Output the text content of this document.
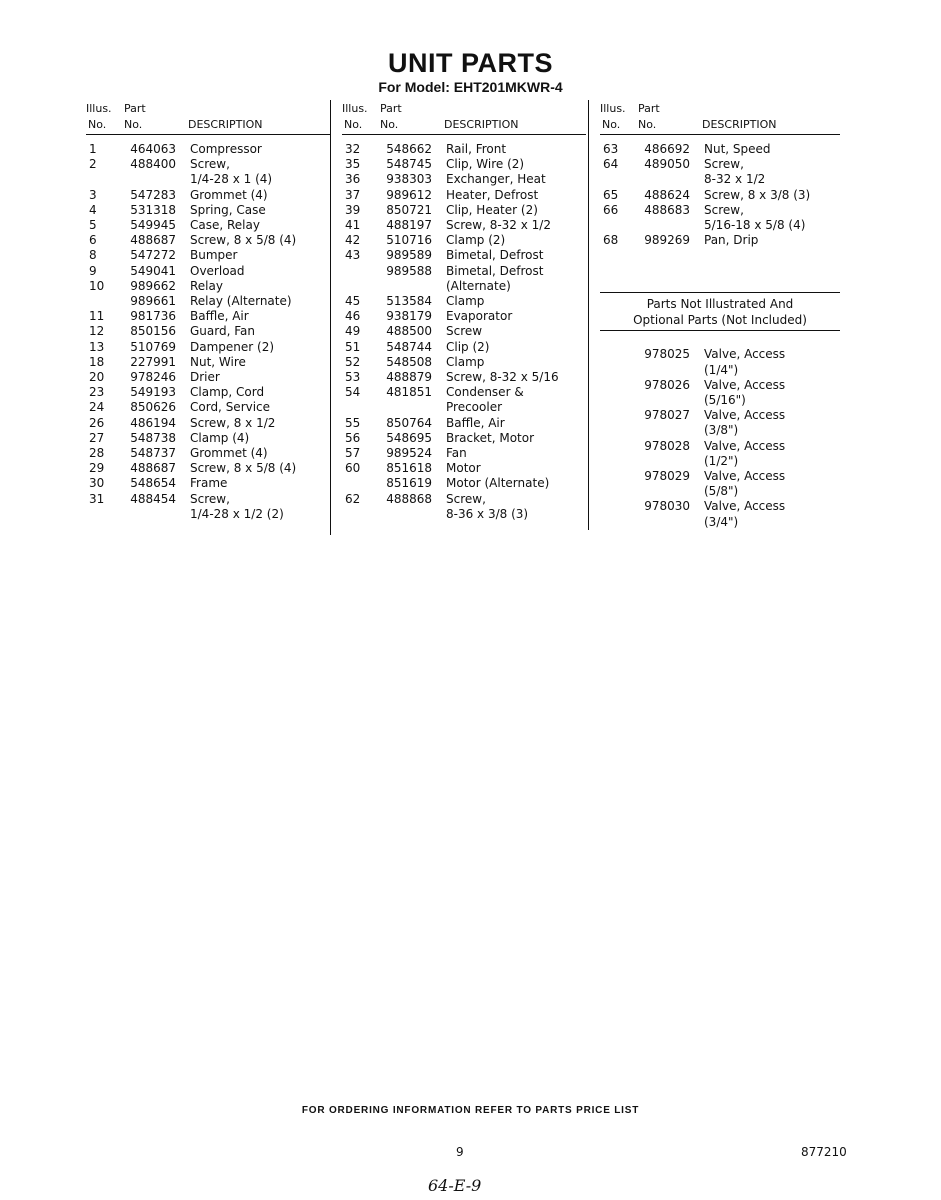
UNIT PARTS
For Model: EHT201MKWR-4
Illus. Part
No. No.	DESCRIPTION
1	464063	Compressor
2	488400	Screw,
1/4-28 x 1 (4)
3	547283	Grommet (4)
4	531318	Spring, Case
5	549945	Case, Relay
6	488687	Screw, 8 x 5/8 (4)
8	547272	Bumper
9	549041	Overload
10	989662	Relay
989661	Relay (Alternate)
11	981736	Baffle, Air
12	850156	Guard, Fan
13	510769	Dampener (2)
18	227991	Nut, Wire
20	978246	Drier
23	549193	Clamp, Cord
24	850626	Cord, Service
26	486194	Screw, 8 x 1/2
27	548738	Clamp (4)
28	548737	Grommet (4)
29	488687	Screw, 8 x 5/8 (4)
30	548654	Frame
31	488454	Screw,
1/4-28 x 1/2 (2)
Illus. Part
No. No.	DESCRIPTION
32	548662	Rail, Front
35	548745	Clip, Wire (2)
36	938303	Exchanger, Heat
37	989612	Heater, Defrost
39	850721	Clip, Heater (2)
41	488197	Screw, 8-32 x 1/2
42	510716	Clamp (2)
43	989589	Bimetal, Defrost
989588	Bimetal, Defrost
(Alternate)
45	513584	Clamp
46	938179	Evaporator
49	488500	Screw
51	548744	Clip (2)
52	548508	Clamp
53	488879	Screw, 8-32 x 5/16
54	481851	Condenser &
Precooler
55	850764	Baffle, Air
56	548695	Bracket, Motor
57	989524	Fan
60	851618	Motor
851619	Motor (Alternate)
62	488868	Screw,
8-36 x 3/8 (3)
Illus. Part
No. No.	DESCRIPTION
63	486692	Nut, Speed
64	489050	Screw,
8-32 x 1/2
65	488624	Screw, 8 x 3/8 (3)
66	488683	Screw,
5/16-18 x 5/8 (4)
68	989269	Pan, Drip
Parts Not Illustrated And
Optional Parts (Not Included)
978025	Valve, Access
(1/4")
978026	Valve, Access
(5/16")
978027	Valve, Access
(3/8")
978028	Valve, Access
(1/2")
978029	Valve, Access
(5/8")
978030	Valve, Access
(3/4")
FOR ORDERING INFORMATION REFER TO PARTS PRICE LIST
9	877210
64-E-9
